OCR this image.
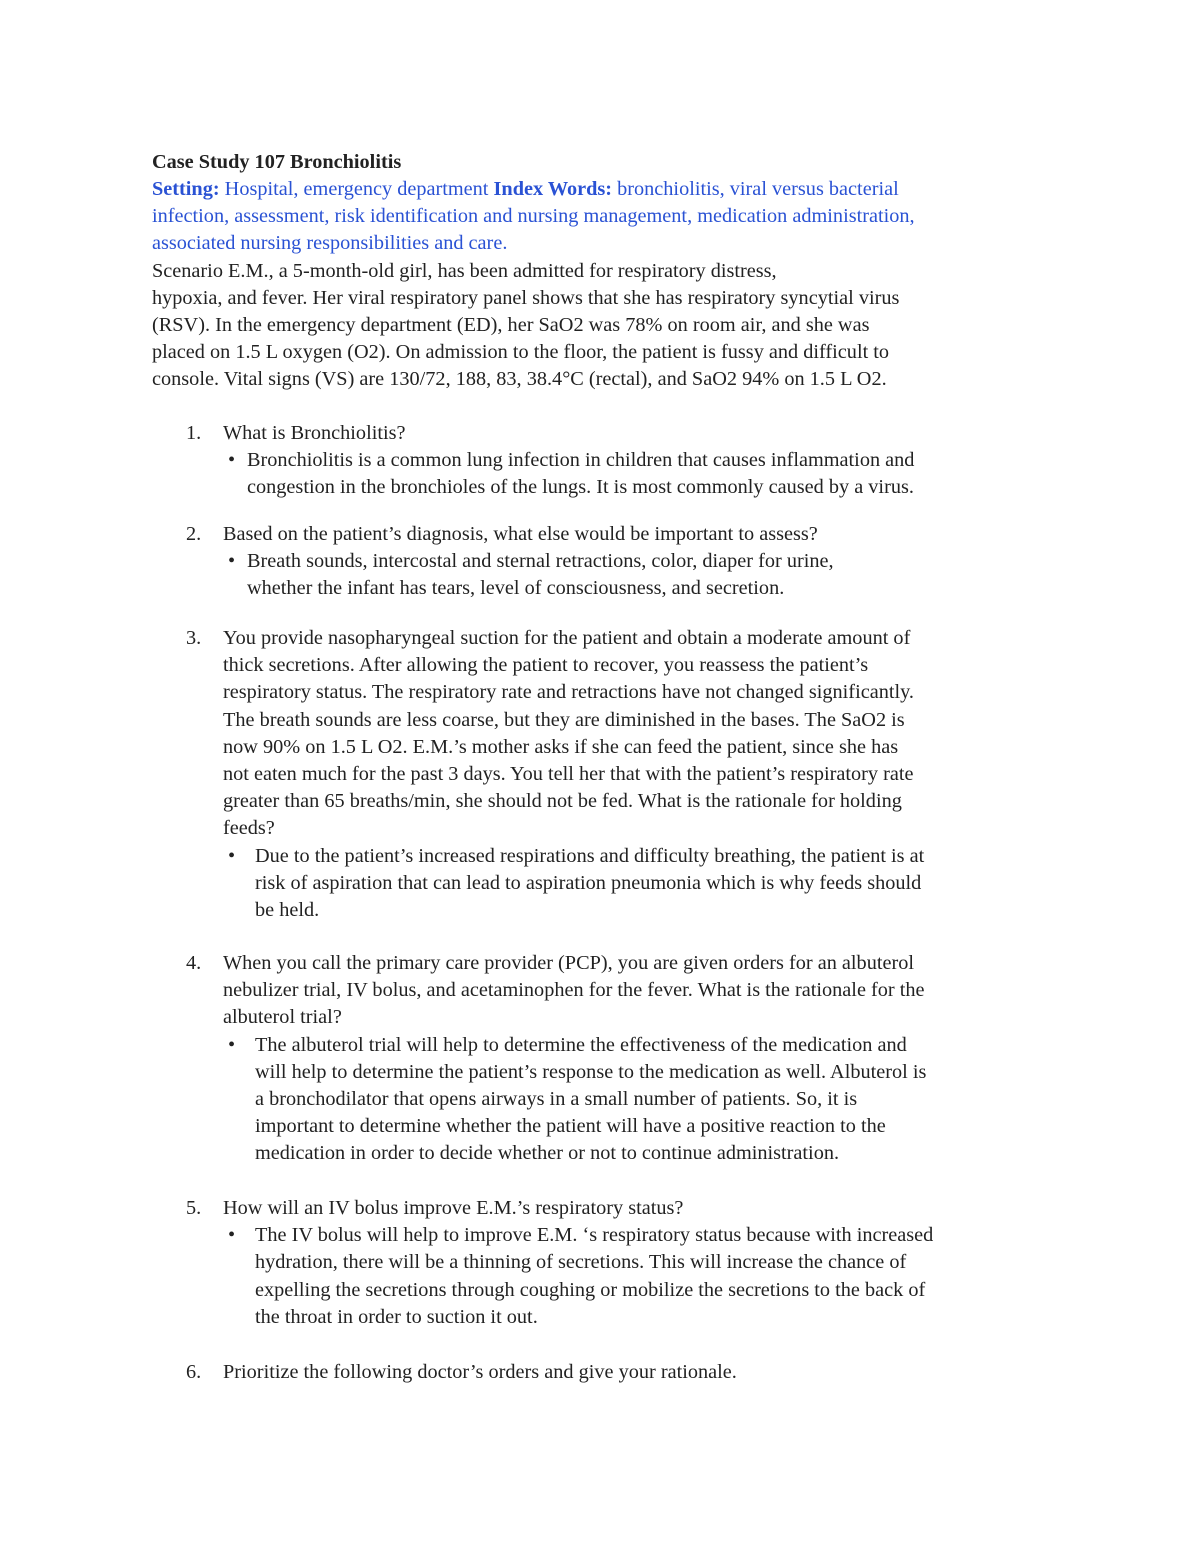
Case Study 107 Bronchiolitis
Setting: Hospital, emergency department Index Words: bronchiolitis, viral versus bacterial
infection, assessment, risk identification and nursing management, medication administration,
associated nursing responsibilities and care.
Scenario E.M., a 5-month-old girl, has been admitted for respiratory distress,
hypoxia, and fever. Her viral respiratory panel shows that she has respiratory syncytial virus
(RSV). In the emergency department (ED), her SaO2 was 78% on room air, and she was
placed on 1.5 L oxygen (O2). On admission to the floor, the patient is fussy and difficult to
console. Vital signs (VS) are 130/72, 188, 83, 38.4°C (rectal), and SaO2 94% on 1.5 L O2.
1. What is Bronchiolitis?
• Bronchiolitis is a common lung infection in children that causes inflammation and
congestion in the bronchioles of the lungs. It is most commonly caused by a virus.
2. Based on the patient’s diagnosis, what else would be important to assess?
• Breath sounds, intercostal and sternal retractions, color, diaper for urine,
whether the infant has tears, level of consciousness, and secretion.
3. You provide nasopharyngeal suction for the patient and obtain a moderate amount of
thick secretions. After allowing the patient to recover, you reassess the patient’s
respiratory status. The respiratory rate and retractions have not changed significantly.
The breath sounds are less coarse, but they are diminished in the bases. The SaO2 is
now 90% on 1.5 L O2. E.M.’s mother asks if she can feed the patient, since she has
not eaten much for the past 3 days. You tell her that with the patient’s respiratory rate
greater than 65 breaths/min, she should not be fed. What is the rationale for holding
feeds?
• Due to the patient’s increased respirations and difficulty breathing, the patient is at
risk of aspiration that can lead to aspiration pneumonia which is why feeds should
be held.
4. When you call the primary care provider (PCP), you are given orders for an albuterol
nebulizer trial, IV bolus, and acetaminophen for the fever. What is the rationale for the
albuterol trial?
• The albuterol trial will help to determine the effectiveness of the medication and
will help to determine the patient’s response to the medication as well. Albuterol is
a bronchodilator that opens airways in a small number of patients. So, it is
important to determine whether the patient will have a positive reaction to the
medication in order to decide whether or not to continue administration.
5. How will an IV bolus improve E.M.’s respiratory status?
• The IV bolus will help to improve E.M. ‘s respiratory status because with increased
hydration, there will be a thinning of secretions. This will increase the chance of
expelling the secretions through coughing or mobilize the secretions to the back of
the throat in order to suction it out.
6. Prioritize the following doctor’s orders and give your rationale.
